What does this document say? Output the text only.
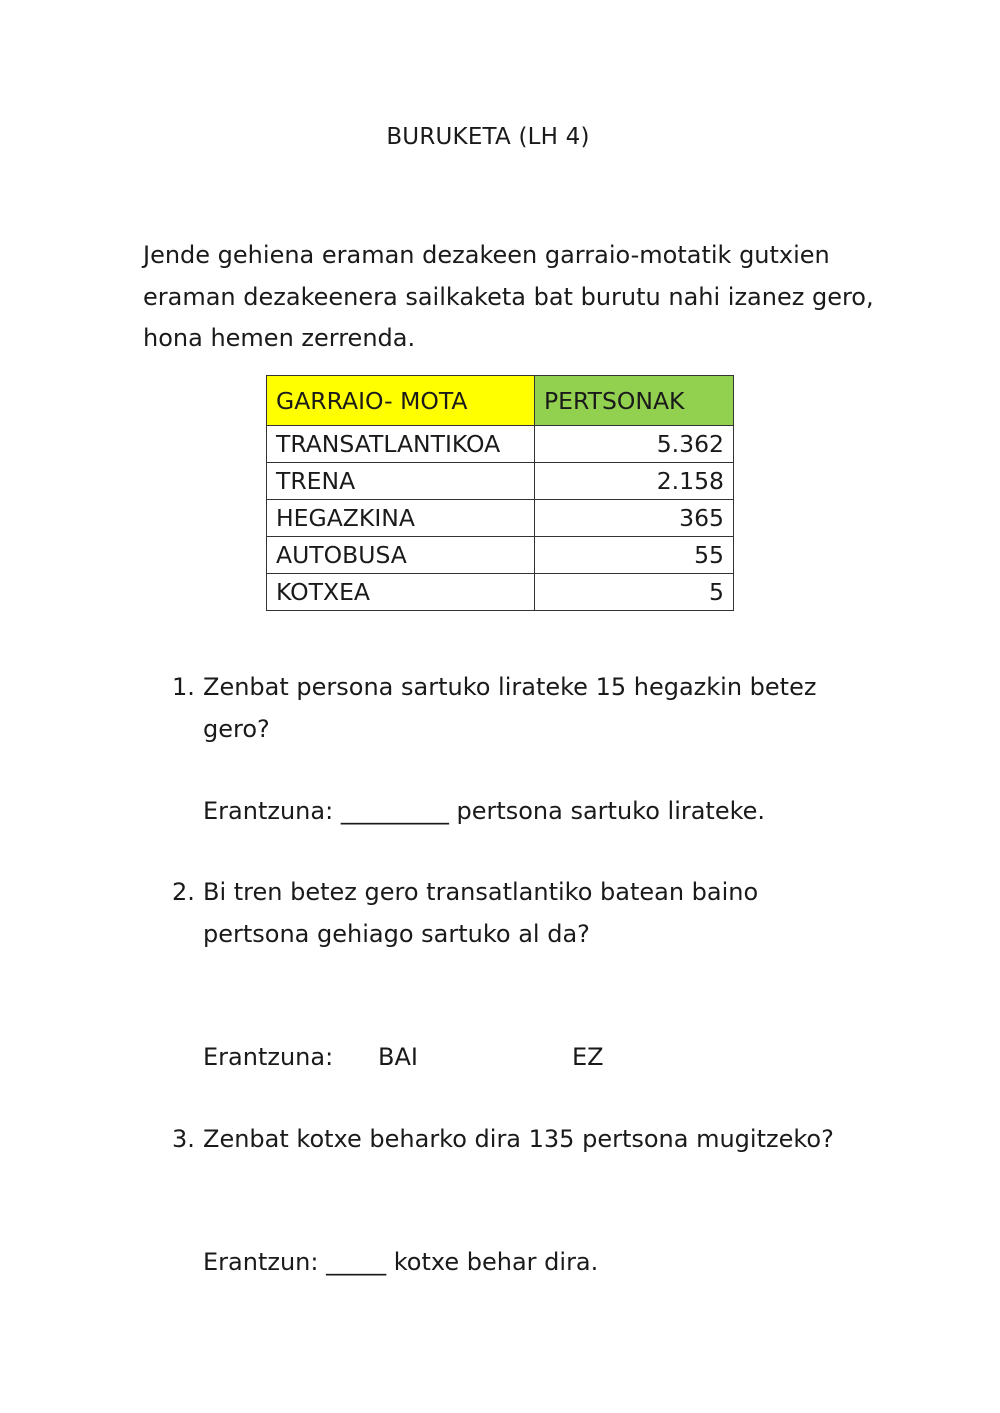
BURUKETA (LH 4)

Jende gehiena eraman dezakeen garraio-motatik gutxien

eraman dezakeenera sailkaketa bat burutu nahi izanez gero,

hona hemen zerrenda.

GARRAIO- MOTA	PERTSONAK
TRANSATLANTIKOA	5.362
TRENA	2.158
HEGAZKINA	365
AUTOBUSA	55
KOTXEA	5
1. Zenbat persona sartuko lirateke 15 hegazkin betez
gero?
Erantzuna: _________ pertsona sartuko lirateke.
2. Bi tren betez gero transatlantiko batean baino
pertsona gehiago sartuko al da?
Erantzuna: BAI	EZ
3. Zenbat kotxe beharko dira 135 pertsona mugitzeko?
Erantzun: _____ kotxe behar dira.
